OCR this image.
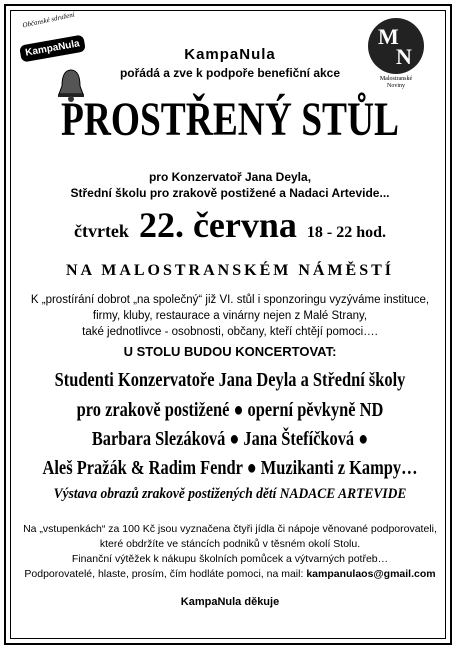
Občanské sdružení
KampaNula	M
N
Malostranské
Noviny
KampaNula
pořádá a zve k podpoře benefiční akce
PROSTŘENÝ STŮL
pro Konzervatoř Jana Deyla,
Střední školu pro zrakově postižené a Nadaci Artevide...
čtvrtek 22. června 18 - 22 hod.
NA MALOSTRANSKÉM NÁMĚSTÍ
K „prostírání dobrot „na společný“ již VI. stůl i sponzoringu vyzýváme instituce,
firmy, kluby, restaurace a vinárny nejen z Malé Strany,
také jednotlivce - osobnosti, občany, kteří chtějí pomoci….
U STOLU BUDOU KONCERTOVAT:
Studenti Konzervatoře Jana Deyla a Střední školy
pro zrakově postižené ● operní pěvkyně ND
Barbara Slezáková ● Jana Štefíčková ●
Aleš Pražák & Radim Fendr ● Muzikanti z Kampy…
Výstava obrazů zrakově postižených dětí NADACE ARTEVIDE
Na „vstupenkách“ za 100 Kč jsou vyznačena čtyři jídla či nápoje věnované podporovateli,
které obdržíte ve stáncích podniků v těsném okolí Stolu.
Finanční výtěžek k nákupu školních pomůcek a výtvarných potřeb…
Podporovatelé, hlaste, prosím, čím hodláte pomoci, na mail: kampanulaos@gmail.com
KampaNula děkuje
